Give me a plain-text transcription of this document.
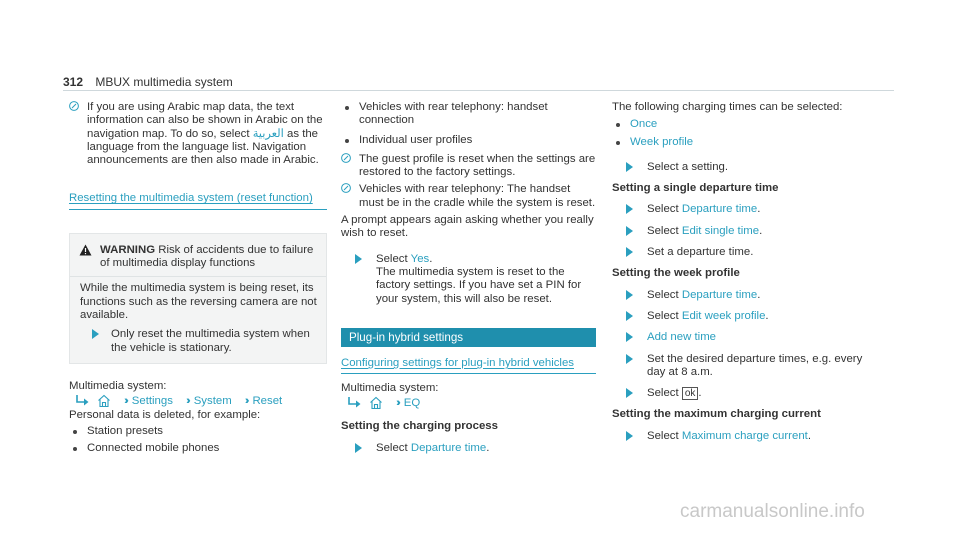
312 MBUX multimedia system

If you are using Arabic map data, the text information can also be shown in Arabic on the navigation map. To do so, select العربية as the language from the language list. Navigation announcements are then also made in Arabic.

Resetting the multimedia system (reset function)

WARNING Risk of accidents due to failure of multimedia display functions

While the multimedia system is being reset, its functions such as the reversing camera are not available.

Only reset the multimedia system when the vehicle is stationary.

Multimedia system:

›› Settings ›› System ›› Reset

Personal data is deleted, for example:

Station presets
Connected mobile phones
Vehicles with rear telephony: handset connection
Individual user profiles

The guest profile is reset when the settings are restored to the factory settings.

Vehicles with rear telephony: The handset must be in the cradle while the system is reset.

A prompt appears again asking whether you really wish to reset.

Select Yes.

The multimedia system is reset to the factory settings. If you have set a PIN for your system, this will also be reset.

Plug-in hybrid settings
Configuring settings for plug-in hybrid vehicles

Multimedia system:

›› EQ

Setting the charging process

Select Departure time.

The following charging times can be selected:

Once
Week profile

Select a setting.

Setting a single departure time

Select Departure time.

Select Edit single time.

Set a departure time.

Setting the week profile

Select Departure time.

Select Edit week profile.

Add new time

Set the desired departure times, e.g. every day at 8 a.m.

Select ok .

Setting the maximum charging current

Select Maximum charge current.

carmanualsonline.info
